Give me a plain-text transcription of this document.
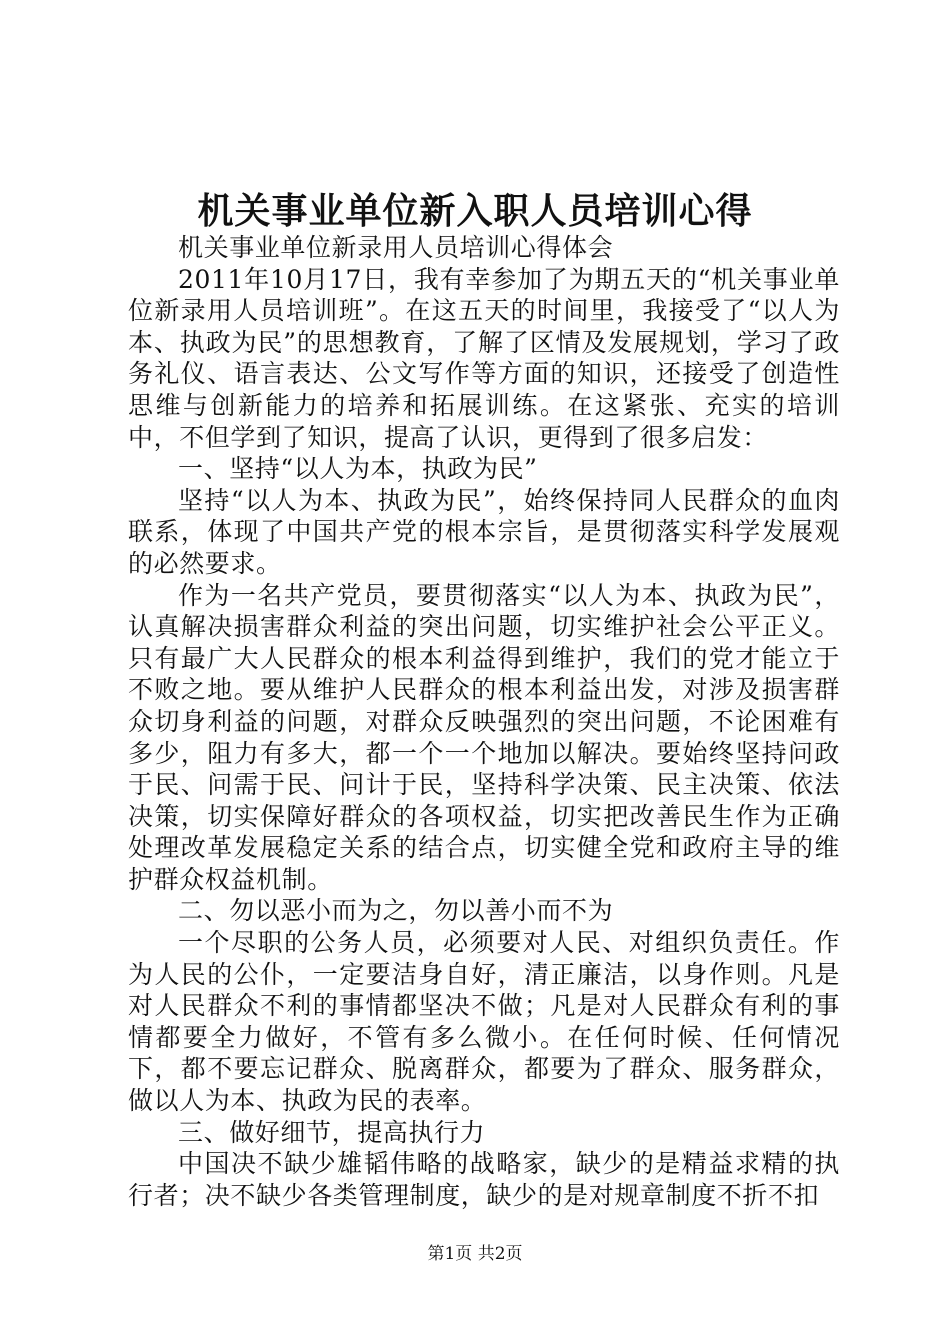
机关事业单位新入职人员培训心得

机关事业单位新录用人员培训心得体会

2011年10月17日，我有幸参加了为期五天的“机关事业单位新录用人员培训班”。在这五天的时间里，我接受了“以人为本、执政为民”的思想教育，了解了区情及发展规划，学习了政务礼仪、语言表达、公文写作等方面的知识，还接受了创造性思维与创新能力的培养和拓展训练。在这紧张、充实的培训中，不但学到了知识，提高了认识，更得到了很多启发：

一、坚持“以人为本，执政为民”

坚持“以人为本、执政为民”，始终保持同人民群众的血肉联系，体现了中国共产党的根本宗旨，是贯彻落实科学发展观的必然要求。

作为一名共产党员，要贯彻落实“以人为本、执政为民”，认真解决损害群众利益的突出问题，切实维护社会公平正义。只有最广大人民群众的根本利益得到维护，我们的党才能立于不败之地。要从维护人民群众的根本利益出发，对涉及损害群众切身利益的问题，对群众反映强烈的突出问题，不论困难有多少，阻力有多大，都一个一个地加以解决。要始终坚持问政于民、问需于民、问计于民，坚持科学决策、民主决策、依法决策，切实保障好群众的各项权益，切实把改善民生作为正确处理改革发展稳定关系的结合点，切实健全党和政府主导的维护群众权益机制。

二、勿以恶小而为之，勿以善小而不为

一个尽职的公务人员，必须要对人民、对组织负责任。作为人民的公仆，一定要洁身自好，清正廉洁，以身作则。凡是对人民群众不利的事情都坚决不做；凡是对人民群众有利的事情都要全力做好，不管有多么微小。在任何时候、任何情况下，都不要忘记群众、脱离群众，都要为了群众、服务群众，做以人为本、执政为民的表率。

三、做好细节，提高执行力

中国决不缺少雄韬伟略的战略家，缺少的是精益求精的执行者；决不缺少各类管理制度，缺少的是对规章制度不折不扣

第1页 共2页
